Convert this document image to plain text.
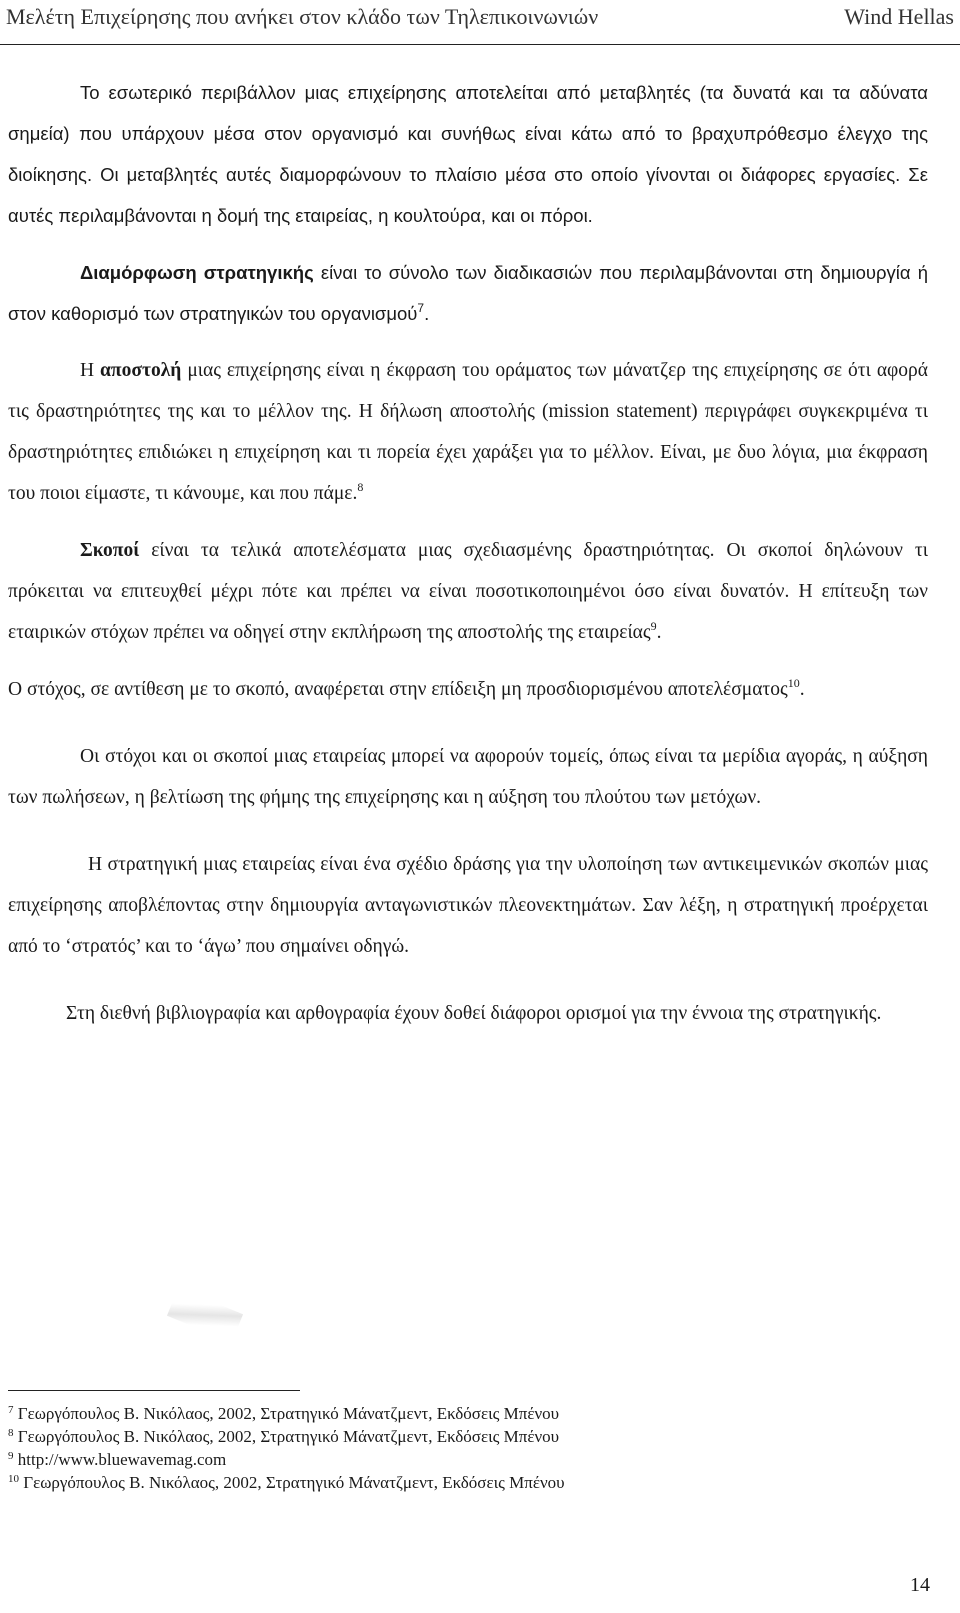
Μελέτη Επιχείρησης που ανήκει στον κλάδο των Τηλεπικοινωνιών	Wind Hellas

Το εσωτερικό περιβάλλον μιας επιχείρησης αποτελείται από μεταβλητές (τα δυνατά και τα αδύνατα σημεία) που υπάρχουν μέσα στον οργανισμό και συνήθως είναι κάτω από το βραχυπρόθεσμο έλεγχο της διοίκησης. Οι μεταβλητές αυτές διαμορφώνουν το πλαίσιο μέσα στο οποίο γίνονται οι διάφορες εργασίες. Σε αυτές περιλαμβάνονται η δομή της εταιρείας, η κουλτούρα, και οι πόροι.

Διαμόρφωση στρατηγικής είναι το σύνολο των διαδικασιών που περιλαμβάνονται στη δημιουργία ή στον καθορισμό των στρατηγικών του οργανισμού$^7$.

Η αποστολή μιας επιχείρησης είναι η έκφραση του οράματος των μάνατζερ της επιχείρησης σε ότι αφορά τις δραστηριότητες της και το μέλλον της. Η δήλωση αποστολής (mission statement) περιγράφει συγκεκριμένα τι δραστηριότητες επιδιώκει η επιχείρηση και τι πορεία έχει χαράξει για το μέλλον. Είναι, με δυο λόγια, μια έκφραση του ποιοι είμαστε, τι κάνουμε, και που πάμε.$^8$

Σκοποί είναι τα τελικά αποτελέσματα μιας σχεδιασμένης δραστηριότητας. Οι σκοποί δηλώνουν τι πρόκειται να επιτευχθεί μέχρι πότε και πρέπει να είναι ποσοτικοποιημένοι όσο είναι δυνατόν. Η επίτευξη των εταιρικών στόχων πρέπει να οδηγεί στην εκπλήρωση της αποστολής της εταιρείας$^9$.

Ο στόχος, σε αντίθεση με το σκοπό, αναφέρεται στην επίδειξη μη προσδιορισμένου αποτελέσματος$^{10}$.

Οι στόχοι και οι σκοποί μιας εταιρείας μπορεί να αφορούν τομείς, όπως είναι τα μερίδια αγοράς, η αύξηση των πωλήσεων, η βελτίωση της φήμης της επιχείρησης και η αύξηση του πλούτου των μετόχων.

Η στρατηγική μιας εταιρείας είναι ένα σχέδιο δράσης για την υλοποίηση των αντικειμενικών σκοπών μιας επιχείρησης αποβλέποντας στην δημιουργία ανταγωνιστικών πλεονεκτημάτων. Σαν λέξη, η στρατηγική προέρχεται από το ‘στρατός’ και το ‘άγω’ που σημαίνει οδηγώ.

Στη διεθνή βιβλιογραφία και αρθογραφία έχουν δοθεί διάφοροι ορισμοί για την έννοια της στρατηγικής.

$^7$ Γεωργόπουλος Β. Νικόλαος, 2002, Στρατηγικό Μάνατζμεντ, Εκδόσεις Μπένου
$^8$ Γεωργόπουλος Β. Νικόλαος, 2002, Στρατηγικό Μάνατζμεντ, Εκδόσεις Μπένου
$^9$ http://www.bluewavemag.com
$^{10}$ Γεωργόπουλος Β. Νικόλαος, 2002, Στρατηγικό Μάνατζμεντ, Εκδόσεις Μπένου
14
